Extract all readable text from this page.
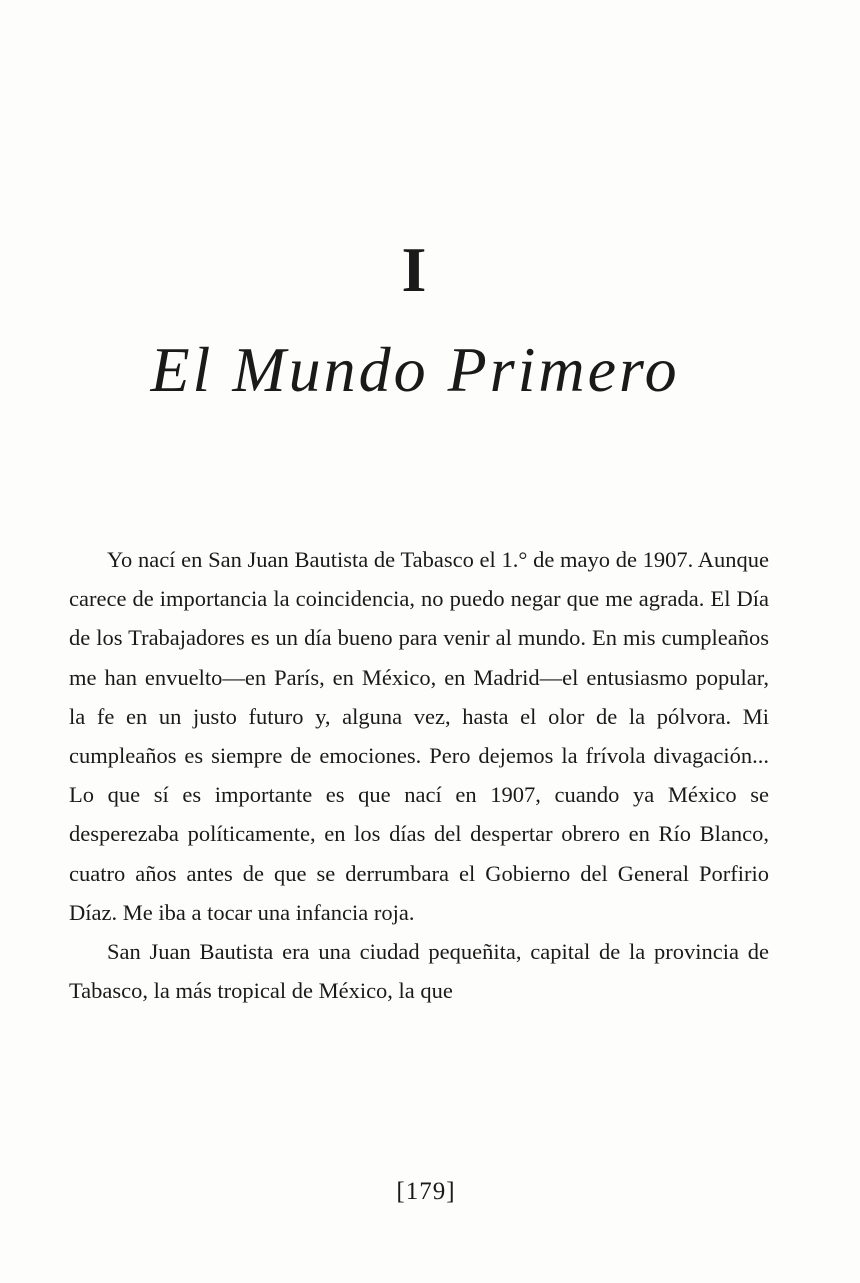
I
El Mundo Primero

Yo nací en San Juan Bautista de Tabasco el 1.° de mayo de 1907. Aunque carece de importancia la coincidencia, no puedo negar que me agrada. El Día de los Trabajadores es un día bueno para venir al mundo. En mis cumpleaños me han envuelto—en París, en México, en Madrid—el entusiasmo popular, la fe en un justo futuro y, alguna vez, hasta el olor de la pólvora. Mi cumpleaños es siempre de emociones. Pero dejemos la frívola divagación... Lo que sí es importante es que nací en 1907, cuando ya México se desperezaba políticamente, en los días del despertar obrero en Río Blanco, cuatro años antes de que se derrumbara el Gobierno del General Porfirio Díaz. Me iba a tocar una infancia roja.

San Juan Bautista era una ciudad pequeñita, capital de la provincia de Tabasco, la más tropical de México, la que

[179]
